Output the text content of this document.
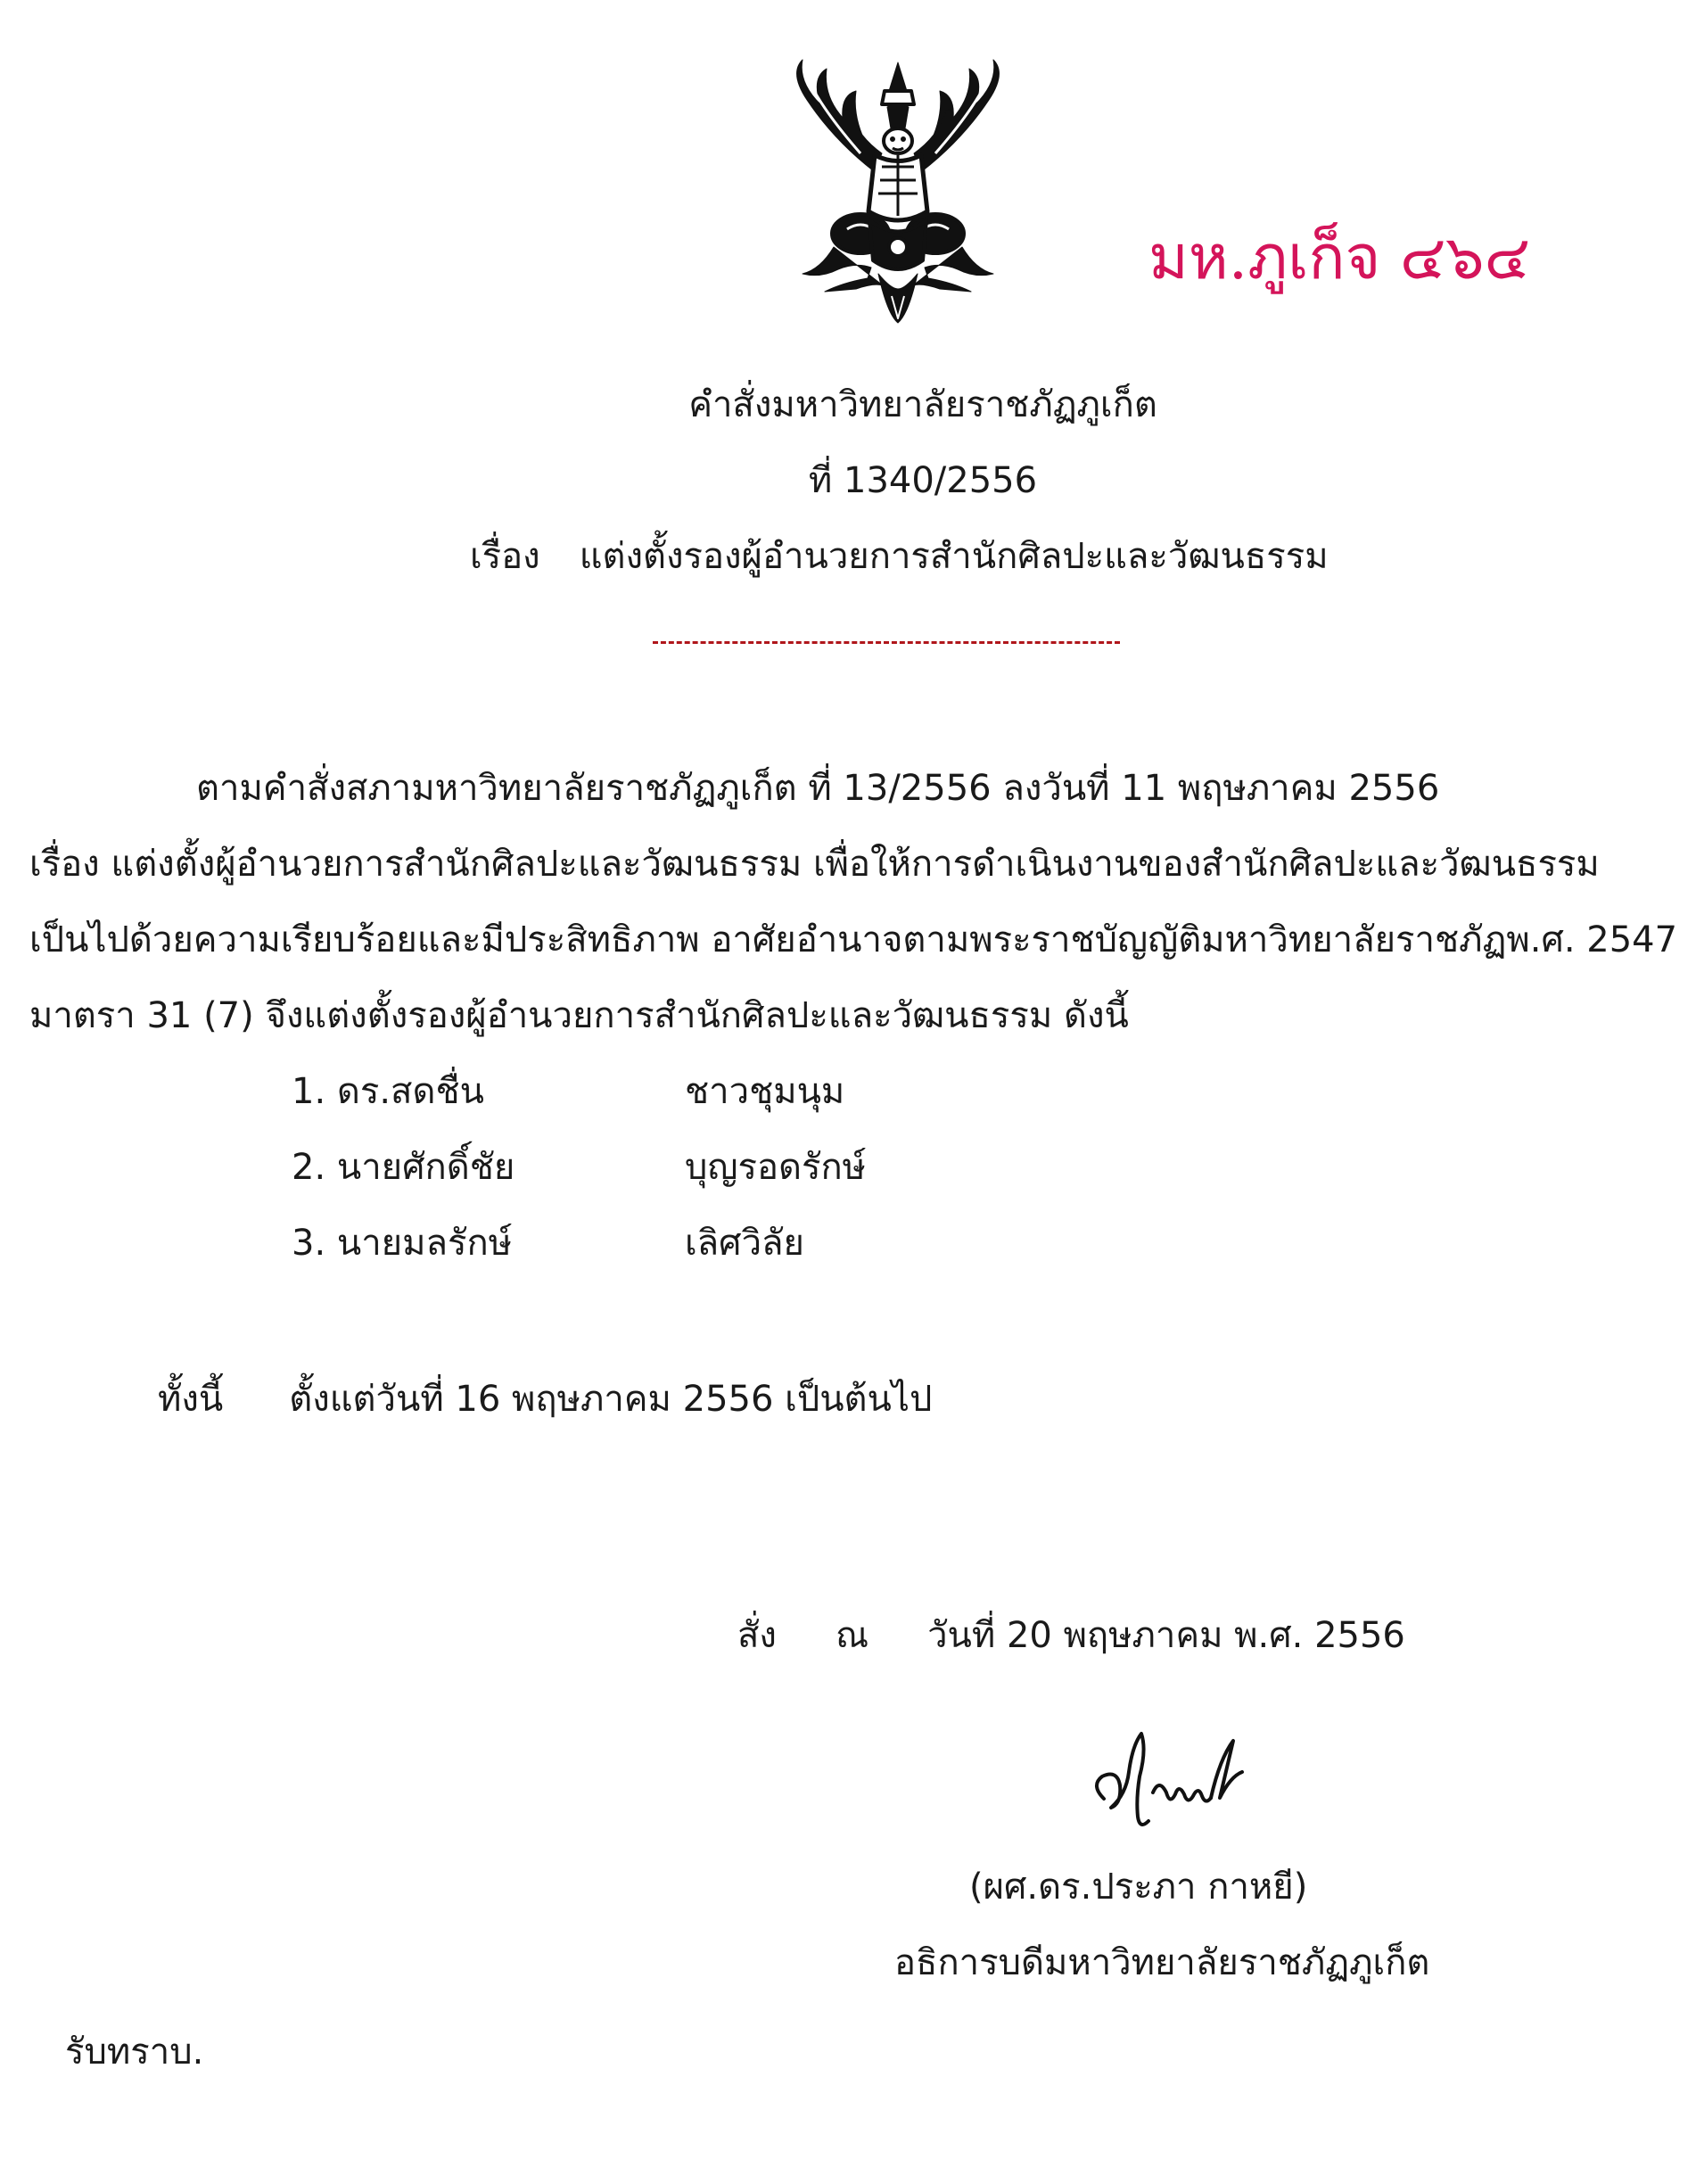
มห.ภูเก็จ ๔๖๔
คำสั่งมหาวิทยาลัยราชภัฏภูเก็ต
ที่ 1340/2556
เรื่อง แต่งตั้งรองผู้อำนวยการสำนักศิลปะและวัฒนธรรม
ตามคำสั่งสภามหาวิทยาลัยราชภัฏภูเก็ต ที่ 13/2556 ลงวันที่ 11 พฤษภาคม 2556
เรื่อง แต่งตั้งผู้อำนวยการสำนักศิลปะและวัฒนธรรม เพื่อให้การดำเนินงานของสำนักศิลปะและวัฒนธรรม
เป็นไปด้วยความเรียบร้อยและมีประสิทธิภาพ อาศัยอำนาจตามพระราชบัญญัติมหาวิทยาลัยราชภัฏพ.ศ. 2547
มาตรา 31 (7) จึงแต่งตั้งรองผู้อำนวยการสำนักศิลปะและวัฒนธรรม ดังนี้
1. ดร.สดชื่น	ชาวชุมนุม
2. นายศักดิ์ชัย	บุญรอดรักษ์
3. นายมลรักษ์	เลิศวิลัย
ทั้งนี้ ตั้งแต่วันที่ 16 พฤษภาคม 2556 เป็นต้นไป
สั่ง ณ วันที่ 20 พฤษภาคม พ.ศ. 2556
(ผศ.ดร.ประภา กาหยี)
อธิการบดีมหาวิทยาลัยราชภัฏภูเก็ต
รับทราบ.
